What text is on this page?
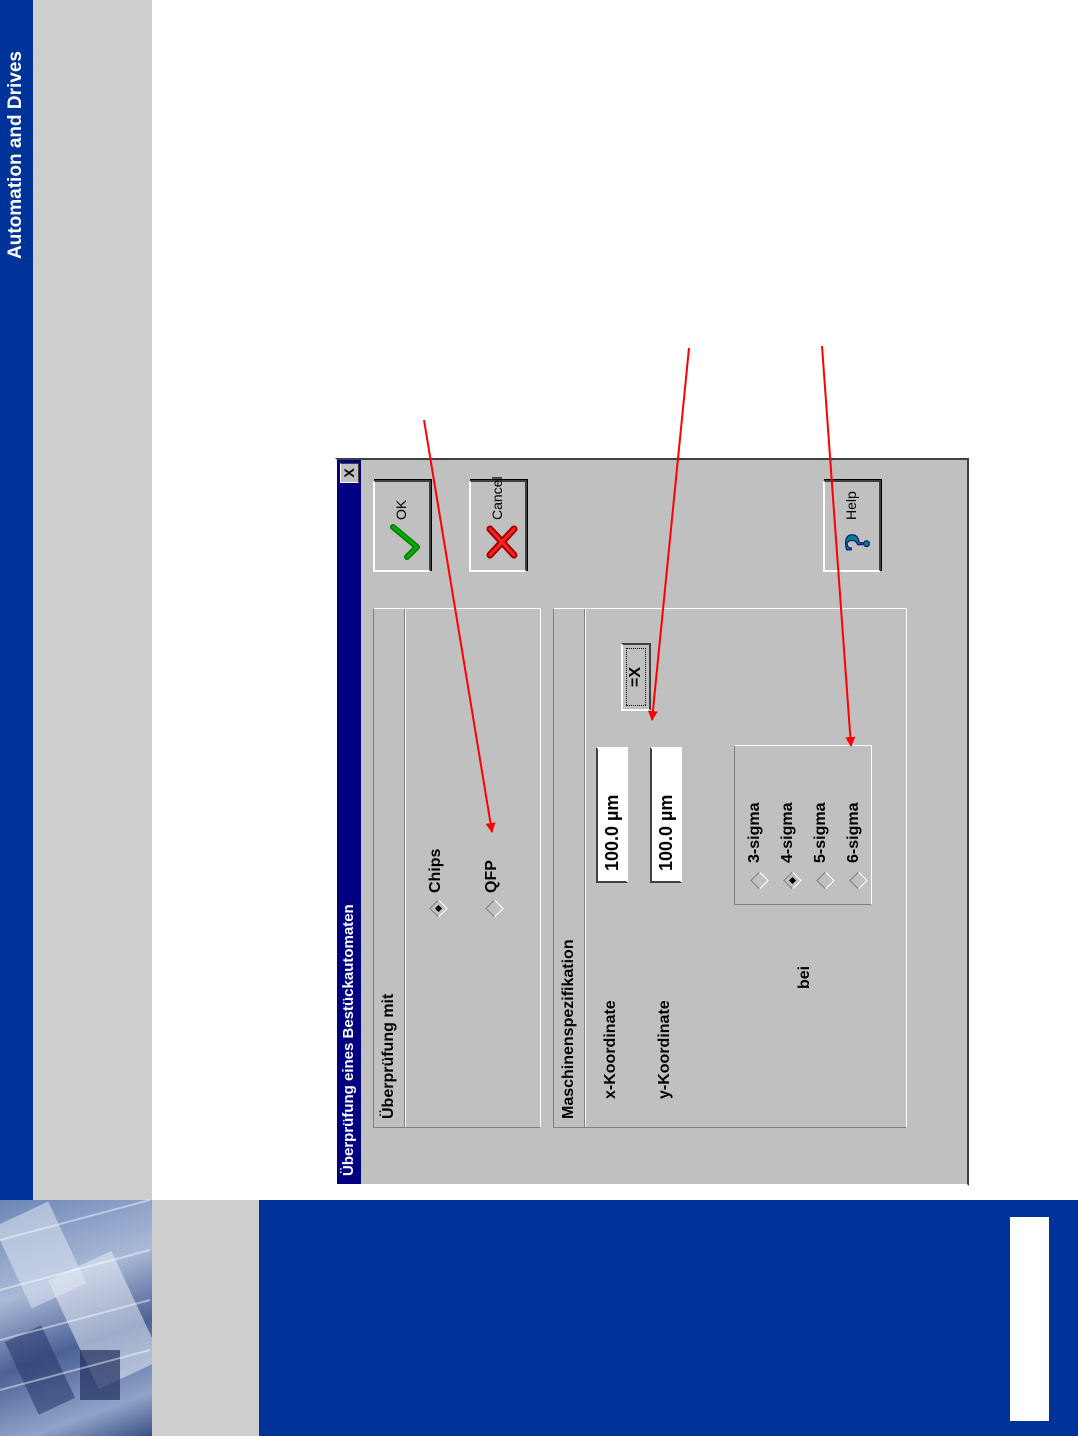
Automation and Drives
Überprüfung eines Bestückautomaten
X
Überprüfung mit
Chips QFP
Maschinenspezifikation x-Koordinate
100.0 µm
y-Koordinate
100.0 µm
=X
bei
3-sigma 4-sigma 5-sigma 6-sigma
OK	Cancel
?
Help
